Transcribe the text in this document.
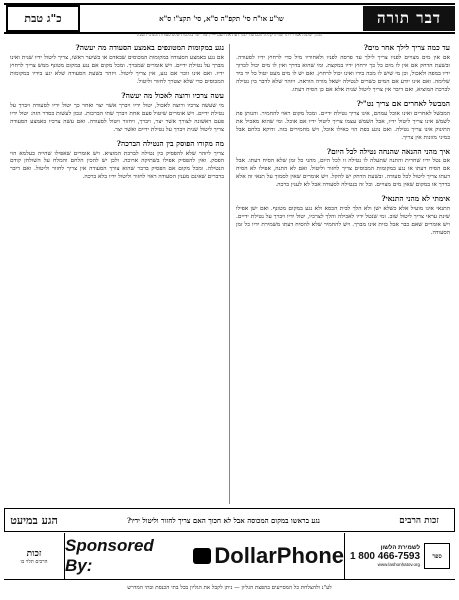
כ"ג טבת	שו"ע או"ח סי' תקפ"ה ס"א, סי' תקצ"ו ס"א	דבר תורה
המלך שלמה אמר: ויתר שהיה קהלת חכם עוד למד דעת את העם — לימוד יומי בהלכות שלש סעודות ומנהגי השבת
עד כמה צריך לילך אחר מים?

אם אין מים מצויים לפניו צריך לילך עד פרסה לפניו ולאחוריו מיל כדי לרחוץ ידיו לסעודה. ובשעת הדחק אם אין לו מים כל כך ירחוץ ידיו במקצת. ומי שהוא בדרך ואין לו מים יכול לכרוך ידיו במפה ולאכול, וכן מי שיש לו מכה בידו ואינו יכול לרחוץ. ואם יש לו מים מעט יטול כל יד ביד שלימה. ואם אינו יודע אם המים כשרים לנטילה ישאל מורה הוראה. ויזהר שלא לדבר בין נטילה לברכת המוציא, ואם דיבר אין צריך ליטול שנית אלא אם כן הסיח דעתו.

המבשל לאחרים אם צריך נט"י?

המבשל לאחרים ואינו אוכל עמהם, אינו צריך נטילת ידיים. ומכל מקום ראוי להחמיר. והנותן פת לשמש אינו צריך ליטול ידיו, אבל השמש עצמו צריך ליטול ידיו אם אוכל. ומי שהוא מאכיל את התינוק אינו צריך נטילה. ואם נוגע בפת הוי כאילו אוכל, ויש מחמירים בזה. ודוקא בלחם אבל במיני מזונות אין צריך.

איך מהני ההנאה שהנחה נטילה לכל היום?

אם נטל ידיו שחרית והתנה שתעלה לו נטילה זו לכל היום, מהני כל זמן שלא הסיח דעתו. אבל אם הסיח דעתו או נגע במקומות המכוסים צריך לחזור וליטול. ואם לא התנה, אפילו לא הסיח דעתו צריך ליטול לכל סעודה. ובשעת הדחק יש להקל. ויש אומרים שאין לסמוך על תנאי זה אלא בדרך או במקום שאין מים מצויים. וכל זה בנטילה לסעודה אבל לא לענין ברכה.

אימתי לא מהני התנאי?

התנאי אינו מועיל אלא כשלא ישן ולא הלך לבית הכסא ולא נגע במקום מטונף. ואם ישן אפילו שינת עראי צריך ליטול שוב. ומי שנטל ידיו לאכילה והלך לצרכיו, יטול ידיו ויברך על נטילת ידיים. ויש אומרים שאם כבר אכל כזית אינו מברך. ויש להחמיר שלא להסיח דעתו משמירת ידיו כל זמן הסעודה.

נגע במקומות המטונפים באמצע הסעודה מה יעשה?

אם נגע באמצע הסעודה במקומות המכוסים שבאדם או בשיער ראשו, צריך ליטול ידיו שנית ואינו מברך על נטילת ידיים. ויש אומרים שמברך. ומכל מקום אם נגע במקום מטונף ממש צריך לרחוץ ידיו. ואם אינו זוכר אם נגע, אין צריך ליטול. ויזהר בשעת הסעודה שלא יגע בידיו במקומות המכוסים כדי שלא יצטרך לחזור וליטול.

עשה צרכיו ורוצה לאכול מה יעשה?

מי שעשה צרכיו ורוצה לאכול, יטול ידיו ויברך אשר יצר ואחר כך יטול ידיו לסעודה ויברך על נטילת ידיים. ויש אומרים שיטול פעם אחת ויברך שתי הברכות. ונכון לעשות כסדר הזה: יטול ידיו פעם ראשונה לצורך אשר יצר, ויברך, ויחזור ויטול לסעודה. ואם עשה צרכיו באמצע הסעודה צריך ליטול שנית ויברך על נטילת ידיים ואשר יצר.

מה מקורו הפוסק בין הנטילה הברכה?

צריך ליזהר שלא להפסיק בין נטילה לברכת המוציא. ויש אומרים שאפילו שהייה בעלמא הוי הפסק. ואין להפסיק אפילו בשתיקה ארוכה. ולכן יש להכין הלחם והמלח על השולחן קודם הנטילה. ומכל מקום אם הפסיק בדבר שהוא צורך הסעודה אין צריך לחזור וליטול. ואם דיבר בדברים שאינם מענין הסעודה ראוי לחזור וליטול ידיו בלא ברכה.

הגע במיעט	נגע בראשו במקום המכוסה אבל לא חכוך האם צריך לחזור וליטול ידיו?	זכות הרבים
זכות
הרבים תלוי בו
Sponsored By:	DollarPhone	לשמירת הלשון
1 800 466-7593
www.lashonhatov.org
ספר
לע"נ ולהצלחת כל המסייעים בהפצת הגליון — ניתן לקבל את הגליון בכל בתי הכנסת ובתי המדרש
